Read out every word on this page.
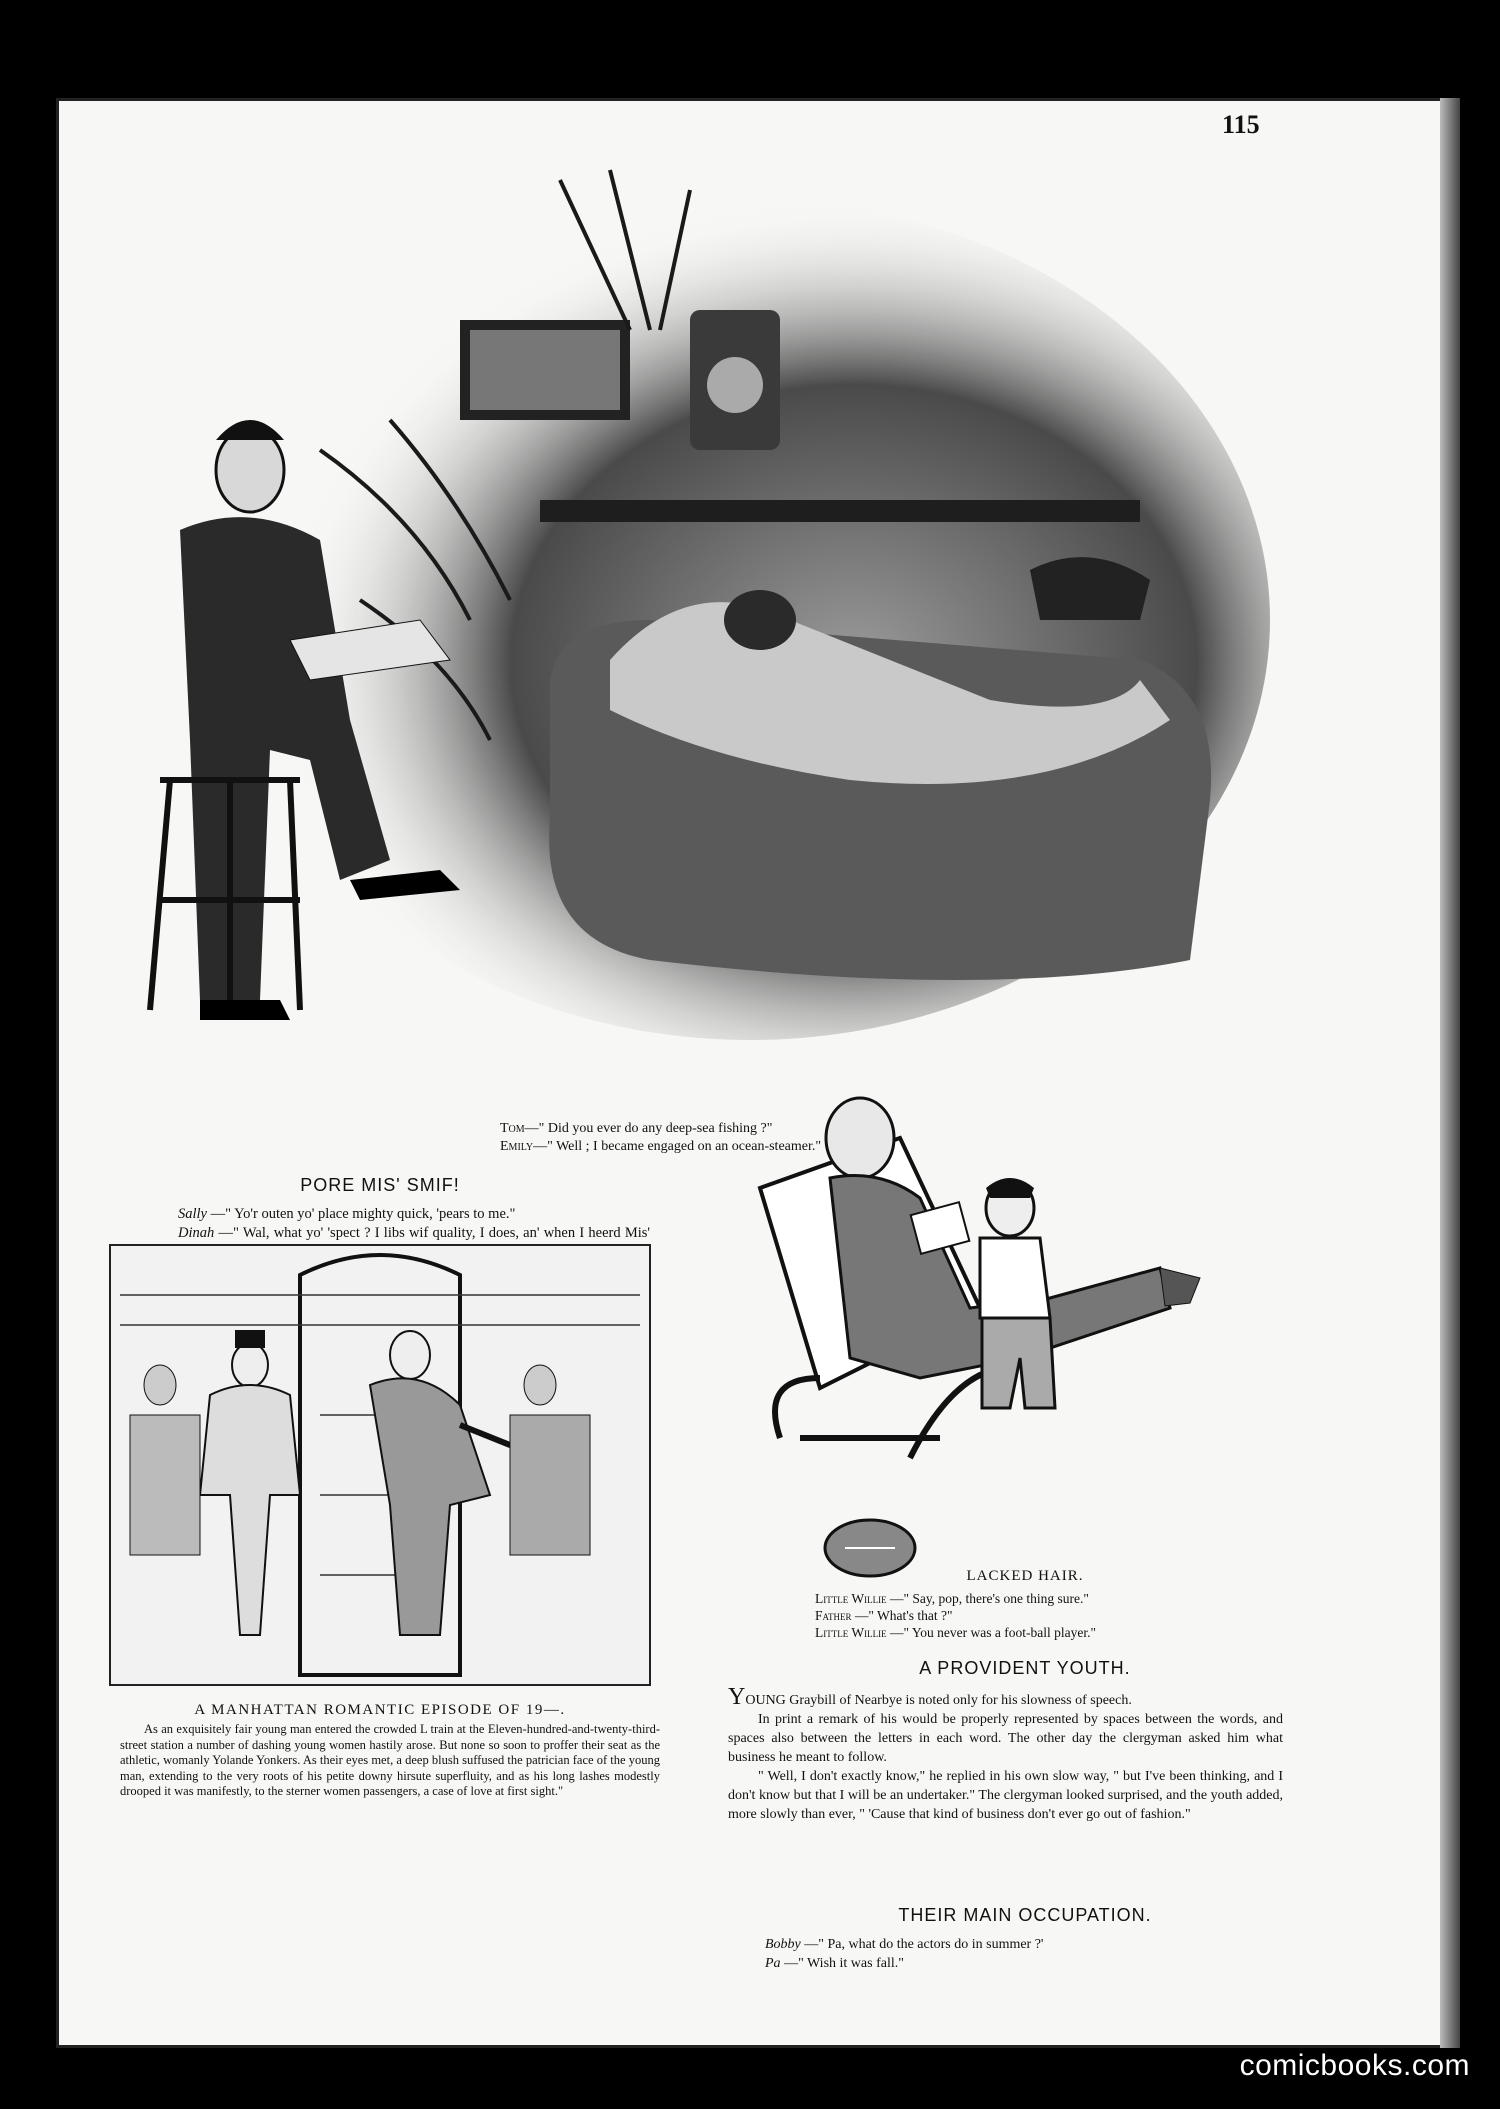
115
Tom—" Did you ever do any deep-sea fishing ?"
Emily—" Well ; I became engaged on an ocean-steamer."
PORE MIS' SMIF!

Sally —" Yo'r outen yo' place mighty quick, 'pears to me."

Dinah —" Wal, what yo' 'spect ? I libs wif quality, I does, an' when I heerd Mis'

A MANHATTAN ROMANTIC EPISODE OF 19—.

As an exquisitely fair young man entered the crowded L train at the Eleven-hundred-and-twenty-third-street station a number of dashing young women hastily arose. But none so soon to proffer their seat as the athletic, womanly Yolande Yonkers. As their eyes met, a deep blush suffused the patrician face of the young man, extending to the very roots of his petite downy hirsute superfluity, and as his long lashes modestly drooped it was manifestly, to the sterner women passengers, a case of love at first sight."

LACKED HAIR.

Little Willie —" Say, pop, there's one thing sure."

Father —" What's that ?"

Little Willie —" You never was a foot-ball player."

A PROVIDENT YOUTH.

YOUNG Graybill of Nearbye is noted only for his slowness of speech.

In print a remark of his would be properly represented by spaces between the words, and spaces also between the letters in each word. The other day the clergyman asked him what business he meant to follow.

" Well, I don't exactly know," he replied in his own slow way, " but I've been thinking, and I don't know but that I will be an undertaker." The clergyman looked surprised, and the youth added, more slowly than ever, " 'Cause that kind of business don't ever go out of fashion."

THEIR MAIN OCCUPATION.

Bobby —" Pa, what do the actors do in summer ?'

Pa —" Wish it was fall."

comicbooks.com
